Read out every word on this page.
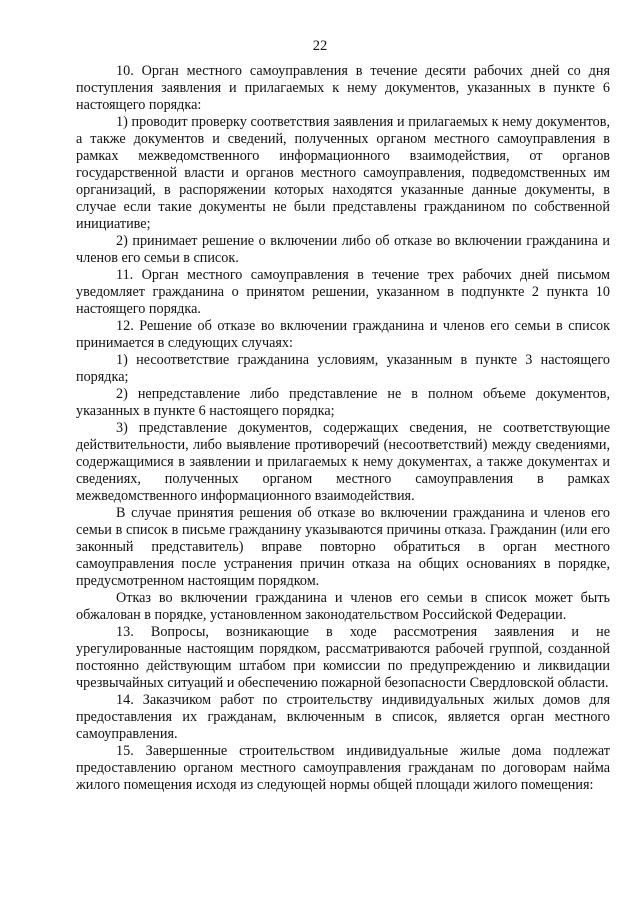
22

10. Орган местного самоуправления в течение десяти рабочих дней со дня поступления заявления и прилагаемых к нему документов, указанных в пункте 6 настоящего порядка:

1) проводит проверку соответствия заявления и прилагаемых к нему документов, а также документов и сведений, полученных органом местного самоуправления в рамках межведомственного информационного взаимодействия, от органов государственной власти и органов местного самоуправления, подведомственных им организаций, в распоряжении которых находятся указанные данные документы, в случае если такие документы не были представлены гражданином по собственной инициативе;

2) принимает решение о включении либо об отказе во включении гражданина и членов его семьи в список.

11. Орган местного самоуправления в течение трех рабочих дней письмом уведомляет гражданина о принятом решении, указанном в подпункте 2 пункта 10 настоящего порядка.

12. Решение об отказе во включении гражданина и членов его семьи в список принимается в следующих случаях:

1) несоответствие гражданина условиям, указанным в пункте 3 настоящего порядка;

2) непредставление либо представление не в полном объеме документов, указанных в пункте 6 настоящего порядка;

3) представление документов, содержащих сведения, не соответствующие действительности, либо выявление противоречий (несоответствий) между сведениями, содержащимися в заявлении и прилагаемых к нему документах, а также документах и сведениях, полученных органом местного самоуправления в рамках межведомственного информационного взаимодействия.

В случае принятия решения об отказе во включении гражданина и членов его семьи в список в письме гражданину указываются причины отказа. Гражданин (или его законный представитель) вправе повторно обратиться в орган местного самоуправления после устранения причин отказа на общих основаниях в порядке, предусмотренном настоящим порядком.

Отказ во включении гражданина и членов его семьи в список может быть обжалован в порядке, установленном законодательством Российской Федерации.

13. Вопросы, возникающие в ходе рассмотрения заявления и не урегулированные настоящим порядком, рассматриваются рабочей группой, созданной постоянно действующим штабом при комиссии по предупреждению и ликвидации чрезвычайных ситуаций и обеспечению пожарной безопасности Свердловской области.

14. Заказчиком работ по строительству индивидуальных жилых домов для предоставления их гражданам, включенным в список, является орган местного самоуправления.

15. Завершенные строительством индивидуальные жилые дома подлежат предоставлению органом местного самоуправления гражданам по договорам найма жилого помещения исходя из следующей нормы общей площади жилого помещения:
